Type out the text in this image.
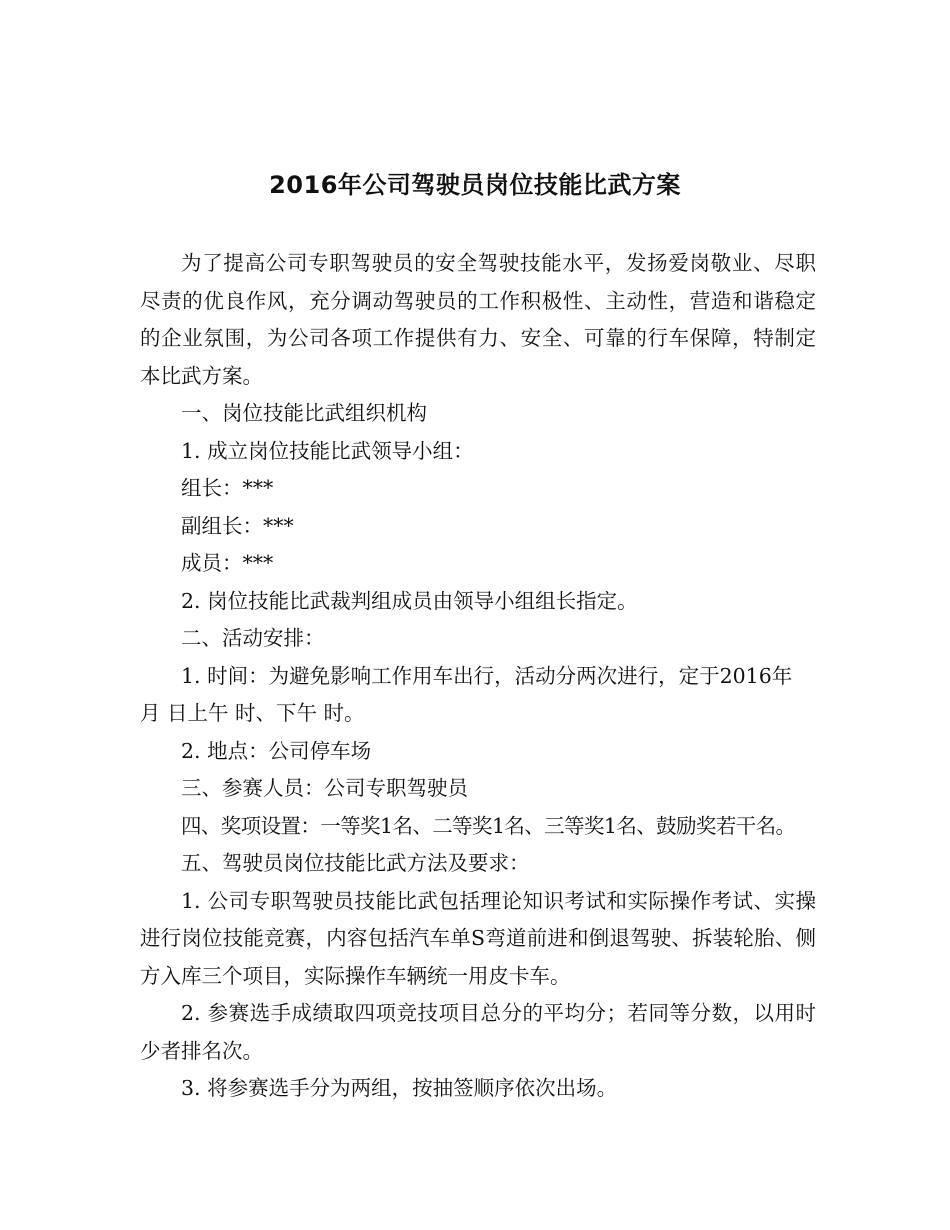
2016年公司驾驶员岗位技能比武方案

为了提高公司专职驾驶员的安全驾驶技能水平，发扬爱岗敬业、尽职尽责的优良作风，充分调动驾驶员的工作积极性、主动性，营造和谐稳定的企业氛围，为公司各项工作提供有力、安全、可靠的行车保障，特制定本比武方案。

一、岗位技能比武组织机构

1. 成立岗位技能比武领导小组：

组长：***

副组长：***

成员：***

2. 岗位技能比武裁判组成员由领导小组组长指定。

二、活动安排：

1. 时间：为避免影响工作用车出行，活动分两次进行，定于2016年 月 日上午 时、下午 时。

2. 地点：公司停车场

三、参赛人员：公司专职驾驶员

四、奖项设置：一等奖1名、二等奖1名、三等奖1名、鼓励奖若干名。

五、驾驶员岗位技能比武方法及要求：

1. 公司专职驾驶员技能比武包括理论知识考试和实际操作考试、实操进行岗位技能竞赛，内容包括汽车单S弯道前进和倒退驾驶、拆装轮胎、侧方入库三个项目，实际操作车辆统一用皮卡车。

2. 参赛选手成绩取四项竞技项目总分的平均分；若同等分数，以用时少者排名次。

3. 将参赛选手分为两组，按抽签顺序依次出场。
